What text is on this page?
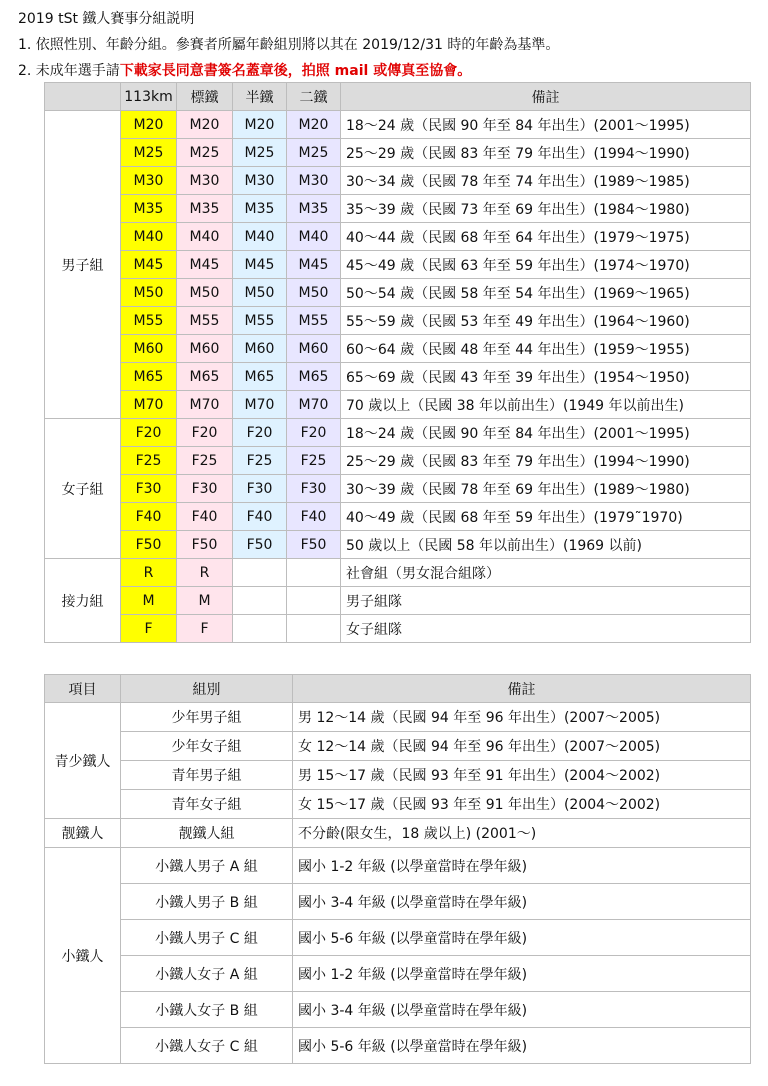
2019 tSt 鐵人賽事分組説明
1. 依照性別、年齡分組。參賽者所屬年齡組別將以其在 2019/12/31 時的年齡為基準。
2. 未成年選手請下載家長同意書簽名蓋章後，拍照 mail 或傳真至協會。
	113km	標鐵	半鐵	二鐵	備註
男子組	M20	M20	M20	M20	18～24 歲（民國 90 年至 84 年出生）(2001～1995)
	M25	M25	M25	M25	25～29 歲（民國 83 年至 79 年出生）(1994～1990)
	M30	M30	M30	M30	30～34 歲（民國 78 年至 74 年出生）(1989～1985)
	M35	M35	M35	M35	35～39 歲（民國 73 年至 69 年出生）(1984～1980)
	M40	M40	M40	M40	40～44 歲（民國 68 年至 64 年出生）(1979～1975)
	M45	M45	M45	M45	45～49 歲（民國 63 年至 59 年出生）(1974～1970)
	M50	M50	M50	M50	50～54 歲（民國 58 年至 54 年出生）(1969～1965)
	M55	M55	M55	M55	55～59 歲（民國 53 年至 49 年出生）(1964～1960)
	M60	M60	M60	M60	60～64 歲（民國 48 年至 44 年出生）(1959～1955)
	M65	M65	M65	M65	65～69 歲（民國 43 年至 39 年出生）(1954～1950)
	M70	M70	M70	M70	70 歲以上（民國 38 年以前出生）(1949 年以前出生)
女子組	F20	F20	F20	F20	18～24 歲（民國 90 年至 84 年出生）(2001～1995)
	F25	F25	F25	F25	25～29 歲（民國 83 年至 79 年出生）(1994～1990)
	F30	F30	F30	F30	30～39 歲（民國 78 年至 69 年出生）(1989～1980)
	F40	F40	F40	F40	40～49 歲（民國 68 年至 59 年出生）(1979˜1970)
	F50	F50	F50	F50	50 歲以上（民國 58 年以前出生）(1969 以前)
接力組	R	R			社會組（男女混合組隊）
	M	M			男子組隊
	F	F			女子組隊
項目	組別	備註
青少鐵人	少年男子組	男 12～14 歲（民國 94 年至 96 年出生）(2007～2005)
	少年女子組	女 12～14 歲（民國 94 年至 96 年出生）(2007～2005)
	青年男子組	男 15～17 歲（民國 93 年至 91 年出生）(2004～2002)
	青年女子組	女 15～17 歲（民國 93 年至 91 年出生）(2004～2002)
靓鐵人	靓鐵人組	不分齡(限女生，18 歲以上) (2001～)
小鐵人	小鐵人男子 A 組	國小 1-2 年級 (以學童當時在學年級)
	小鐵人男子 B 組	國小 3-4 年級 (以學童當時在學年級)
	小鐵人男子 C 組	國小 5-6 年級 (以學童當時在學年級)
	小鐵人女子 A 組	國小 1-2 年級 (以學童當時在學年級)
	小鐵人女子 B 組	國小 3-4 年級 (以學童當時在學年級)
	小鐵人女子 C 組	國小 5-6 年級 (以學童當時在學年級)
